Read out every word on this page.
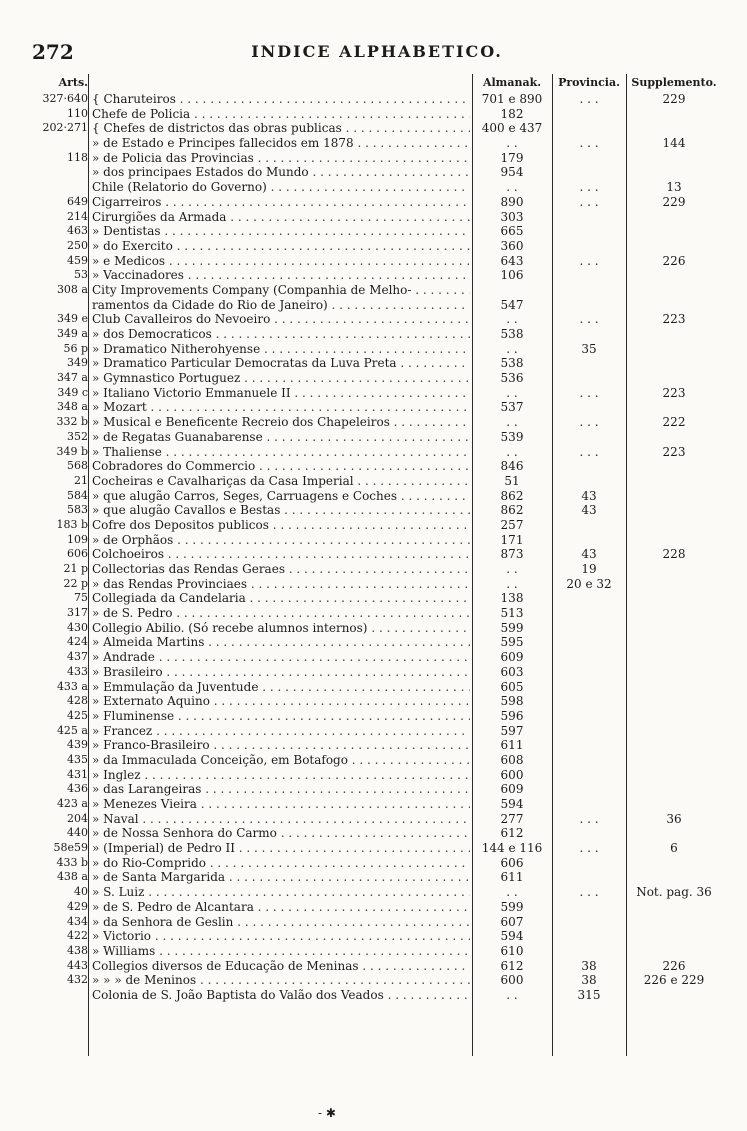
272	INDICE ALPHABETICO.
Arts.	Almanak.	Provincia.	Supplemento.
327·640 { Charuteiros . . .	701 e 890	. . .	229
110 Chefe de Policia . . .	182
202·271 { Chefes de districtos das obras publicas . . .	400 e 437
» de Estado e Principes fallecidos em 1878 . . .	. .	. . .	144
118 » de Policia das Provincias . . .	179
» dos principaes Estados do Mundo . . .	954
Chile (Relatorio do Governo) . . .	. .	. . .	13
649 Cigarreiros . . .	890	. . .	229
214 Cirurgiões da Armada . . .	303
463 » Dentistas . . .	665
250 » do Exercito . . .	360
459 » e Medicos . . .	643	. . .	226
53 » Vaccinadores . . .	106
308 a City Improvements Company (Companhia de Melho- . . .
ramentos da Cidade do Rio de Janeiro) . . .	547
349 e Club Cavalleiros do Nevoeiro . . .	. .	. . .	223
349 a » dos Democraticos . . .	538
56 p » Dramatico Nitherohyense . . .	. .	35
349 » Dramatico Particular Democratas da Luva Preta . . .	538
347 a » Gymnastico Portuguez . . .	536
349 c » Italiano Victorio Emmanuele II . . .	. .	. . .	223
348 a » Mozart . . .	537
332 b » Musical e Beneficente Recreio dos Chapeleiros . . .	. .	. . .	222
352 » de Regatas Guanabarense . . .	539
349 b » Thaliense . . .	. .	. . .	223
568 Cobradores do Commercio . . .	846
21 Cocheiras e Cavalhariças da Casa Imperial . . .	51
584 » que alugão Carros, Seges, Carruagens e Coches . . .	862	43
583 » que alugão Cavallos e Bestas . . .	862	43
183 b Cofre dos Depositos publicos . . .	257
109 » de Orphãos . . .	171
606 Colchoeiros . . .	873	43	228
21 p Collectorias das Rendas Geraes . . .	. .	19
22 p » das Rendas Provinciaes . . .	. .	20 e 32
75 Collegiada da Candelaria . . .	138
317 » de S. Pedro . . .	513
430 Collegio Abilio. (Só recebe alumnos internos) . . .	599
424 » Almeida Martins . . .	595
437 » Andrade . . .	609
433 » Brasileiro . . .	603
433 a » Emmulação da Juventude . . .	605
428 » Externato Aquino . . .	598
425 » Fluminense . . .	596
425 a » Francez . . .	597
439 » Franco-Brasileiro . . .	611
435 » da Immaculada Conceição, em Botafogo . . .	608
431 » Inglez . . .	600
436 » das Larangeiras . . .	609
423 a » Menezes Vieira . . .	594
204 » Naval . . .	277	. . .	36
440 » de Nossa Senhora do Carmo . . .	612
58e59 » (Imperial) de Pedro II . . .	144 e 116	. . .	6
433 b » do Rio-Comprido . . .	606
438 a » de Santa Margarida . . .	611
40 » S. Luiz . . .	. .	. . .	Not. pag. 36
429 » de S. Pedro de Alcantara . . .	599
434 » da Senhora de Geslin . . .	607
422 » Victorio . . .	594
438 » Williams . . .	610
443 Collegios diversos de Educação de Meninas . . .	612	38	226
432 » » » de Meninos . . .	600	38	226 e 229
Colonia de S. João Baptista do Valão dos Veados . . .	. .	315
- ✱
